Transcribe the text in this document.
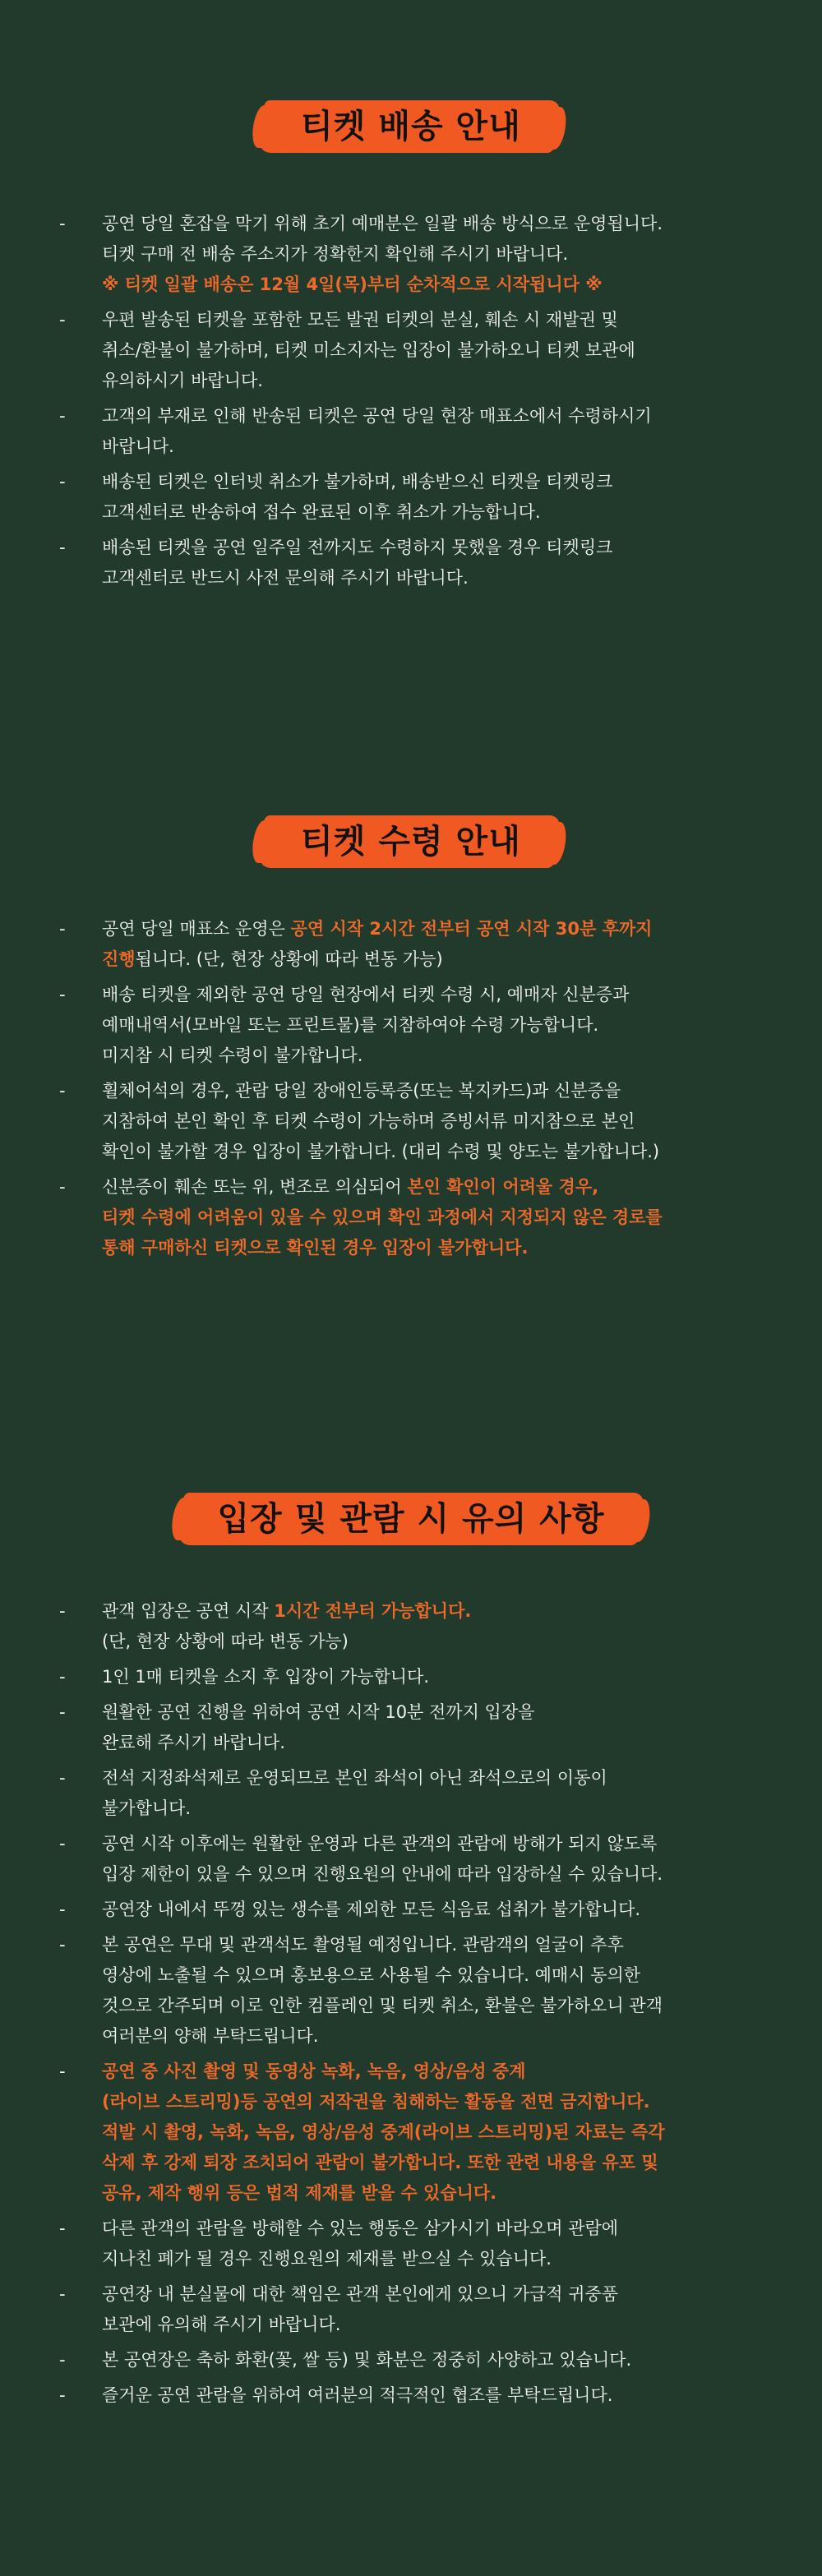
티켓 배송 안내
- 공연 당일 혼잡을 막기 위해 초기 예매분은 일괄 배송 방식으로 운영됩니다.
티켓 구매 전 배송 주소지가 정확한지 확인해 주시기 바랍니다.
※ 티켓 일괄 배송은 12월 4일(목)부터 순차적으로 시작됩니다 ※
- 우편 발송된 티켓을 포함한 모든 발권 티켓의 분실, 훼손 시 재발권 및
취소/환불이 불가하며, 티켓 미소지자는 입장이 불가하오니 티켓 보관에
유의하시기 바랍니다.
- 고객의 부재로 인해 반송된 티켓은 공연 당일 현장 매표소에서 수령하시기
바랍니다.
- 배송된 티켓은 인터넷 취소가 불가하며, 배송받으신 티켓을 티켓링크
고객센터로 반송하여 접수 완료된 이후 취소가 가능합니다.
- 배송된 티켓을 공연 일주일 전까지도 수령하지 못했을 경우 티켓링크
고객센터로 반드시 사전 문의해 주시기 바랍니다.
티켓 수령 안내
- 공연 당일 매표소 운영은 공연 시작 2시간 전부터 공연 시작 30분 후까지
진행됩니다. (단, 현장 상황에 따라 변동 가능)
- 배송 티켓을 제외한 공연 당일 현장에서 티켓 수령 시, 예매자 신분증과
예매내역서(모바일 또는 프린트물)를 지참하여야 수령 가능합니다.
미지참 시 티켓 수령이 불가합니다.
- 휠체어석의 경우, 관람 당일 장애인등록증(또는 복지카드)과 신분증을
지참하여 본인 확인 후 티켓 수령이 가능하며 증빙서류 미지참으로 본인
확인이 불가할 경우 입장이 불가합니다. (대리 수령 및 양도는 불가합니다.)
- 신분증이 훼손 또는 위, 변조로 의심되어 본인 확인이 어려울 경우,
티켓 수령에 어려움이 있을 수 있으며 확인 과정에서 지정되지 않은 경로를
통해 구매하신 티켓으로 확인된 경우 입장이 불가합니다.
입장 및 관람 시 유의 사항
- 관객 입장은 공연 시작 1시간 전부터 가능합니다.
(단, 현장 상황에 따라 변동 가능)
- 1인 1매 티켓을 소지 후 입장이 가능합니다.
- 원활한 공연 진행을 위하여 공연 시작 10분 전까지 입장을
완료해 주시기 바랍니다.
- 전석 지정좌석제로 운영되므로 본인 좌석이 아닌 좌석으로의 이동이
불가합니다.
- 공연 시작 이후에는 원활한 운영과 다른 관객의 관람에 방해가 되지 않도록
입장 제한이 있을 수 있으며 진행요원의 안내에 따라 입장하실 수 있습니다.
- 공연장 내에서 뚜껑 있는 생수를 제외한 모든 식음료 섭취가 불가합니다.
- 본 공연은 무대 및 관객석도 촬영될 예정입니다. 관람객의 얼굴이 추후
영상에 노출될 수 있으며 홍보용으로 사용될 수 있습니다. 예매시 동의한
것으로 간주되며 이로 인한 컴플레인 및 티켓 취소, 환불은 불가하오니 관객
여러분의 양해 부탁드립니다.
- 공연 중 사진 촬영 및 동영상 녹화, 녹음, 영상/음성 중계
(라이브 스트리밍)등 공연의 저작권을 침해하는 활동을 전면 금지합니다.
적발 시 촬영, 녹화, 녹음, 영상/음성 중계(라이브 스트리밍)된 자료는 즉각
삭제 후 강제 퇴장 조치되어 관람이 불가합니다. 또한 관련 내용을 유포 및
공유, 제작 행위 등은 법적 제재를 받을 수 있습니다.
- 다른 관객의 관람을 방해할 수 있는 행동은 삼가시기 바라오며 관람에
지나친 폐가 될 경우 진행요원의 제재를 받으실 수 있습니다.
- 공연장 내 분실물에 대한 책임은 관객 본인에게 있으니 가급적 귀중품
보관에 유의해 주시기 바랍니다.
- 본 공연장은 축하 화환(꽃, 쌀 등) 및 화분은 정중히 사양하고 있습니다.
- 즐거운 공연 관람을 위하여 여러분의 적극적인 협조를 부탁드립니다.
